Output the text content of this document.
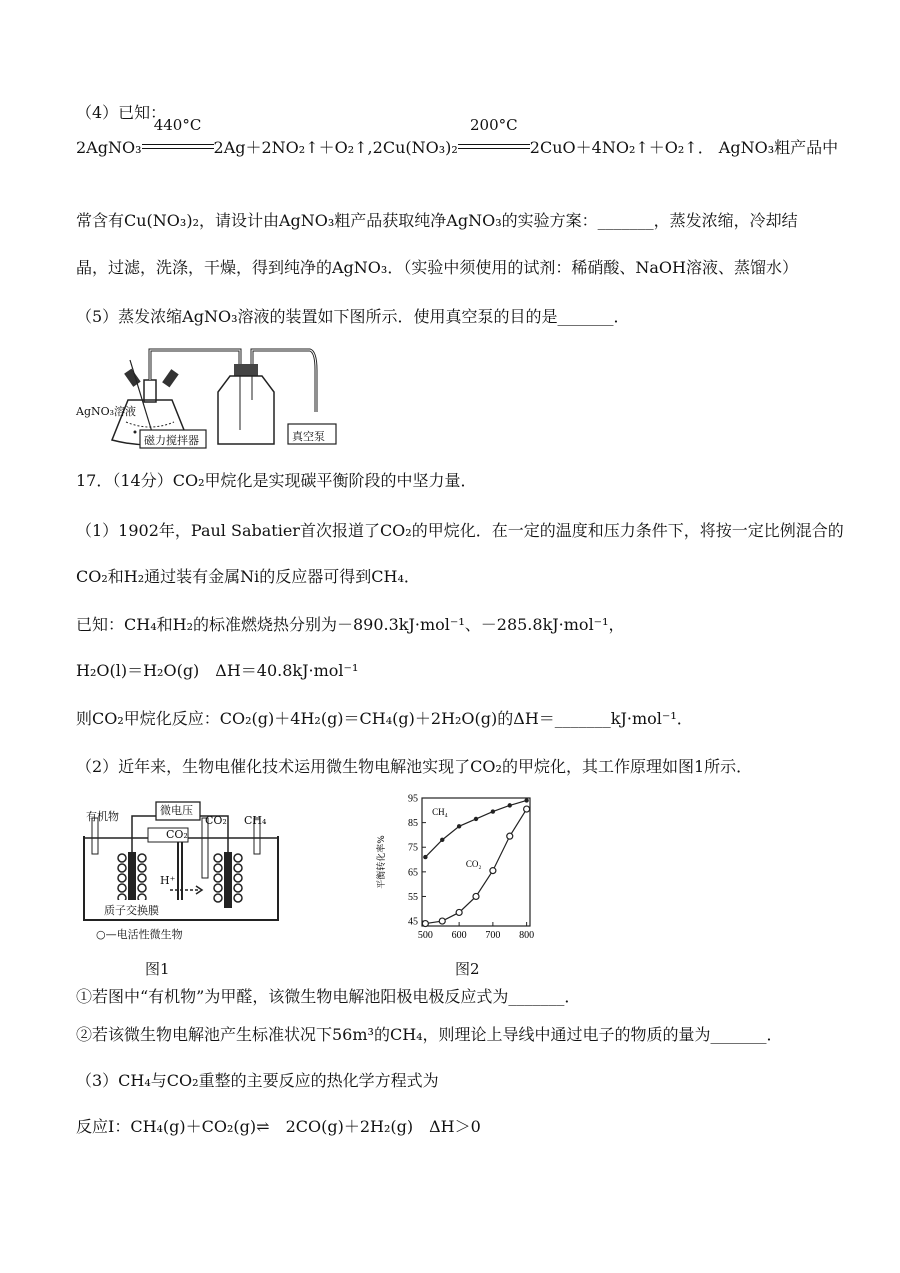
（4）已知：
2AgNO₃
440°C
2Ag＋2NO₂↑＋O₂↑,2Cu(NO₃)₂
200°C
2CuO＋4NO₂↑＋O₂↑． AgNO₃粗产品中
常含有Cu(NO₃)₂，请设计由AgNO₃粗产品获取纯净AgNO₃的实验方案：_______，蒸发浓缩，冷却结
晶，过滤，洗涤，干燥，得到纯净的AgNO₃．（实验中须使用的试剂：稀硝酸、NaOH溶液、蒸馏水）
（5）蒸发浓缩AgNO₃溶液的装置如下图所示．使用真空泵的目的是_______．
AgNO₃溶液
磁力搅拌器	真空泵
17．（14分）CO₂甲烷化是实现碳平衡阶段的中坚力量．
（1）1902年，Paul Sabatier首次报道了CO₂的甲烷化．在一定的温度和压力条件下，将按一定比例混合的
CO₂和H₂通过装有金属Ni的反应器可得到CH₄．
已知：CH₄和H₂的标准燃烧热分别为－890.3kJ·mol⁻¹、－285.8kJ·mol⁻¹，
H₂O(l)＝H₂O(g)　ΔH＝40.8kJ·mol⁻¹
则CO₂甲烷化反应：CO₂(g)＋4H₂(g)＝CH₄(g)＋2H₂O(g)的ΔH＝_______kJ·mol⁻¹．
（2）近年来，生物电催化技术运用微生物电解池实现了CO₂的甲烷化，其工作原理如图1所示．
有机物	微电压
CO₂
CO₂ CH₄
H⁺
质子交换膜
○—电活性微生物
图1
45
55
65
75
85
95
500 600 700 800
平衡转化率%
CH₄
CO₂
图2
①若图中“有机物”为甲醛，该微生物电解池阳极电极反应式为_______．
②若该微生物电解池产生标准状况下56m³的CH₄，则理论上导线中通过电子的物质的量为_______．
（3）CH₄与CO₂重整的主要反应的热化学方程式为
反应Ⅰ：CH₄(g)＋CO₂(g)⇌　2CO(g)＋2H₂(g)　ΔH＞0
